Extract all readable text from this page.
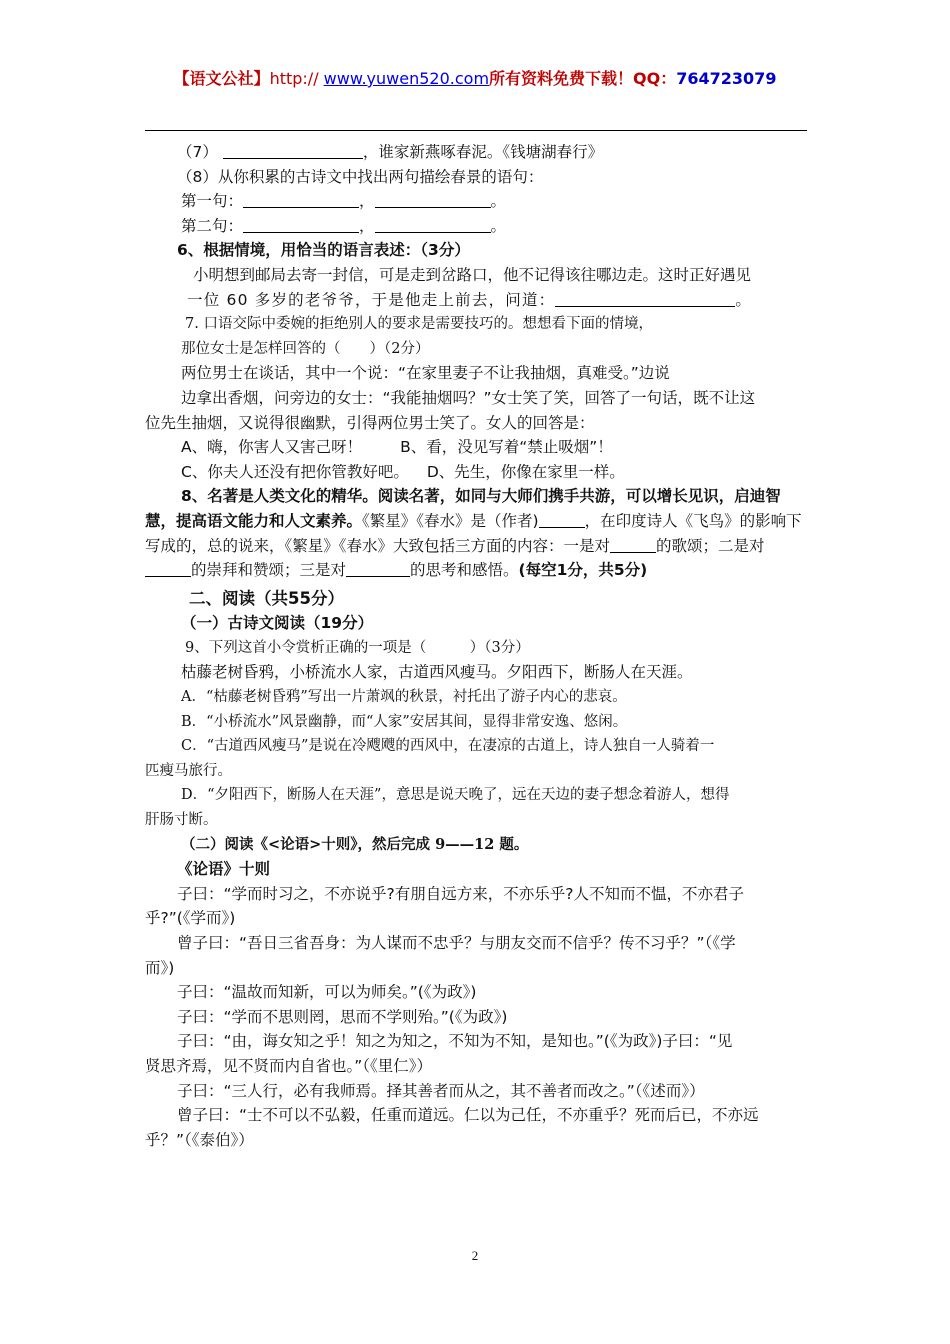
【语文公社】http:// www.yuwen520.com所有资料免费下载！QQ：764723079

（7）	，谁家新燕啄春泥。《钱塘湖春行》

（8）从你积累的古诗文中找出两句描绘春景的语句：

第一句：	，	。

第二句：	，	。

6、根据情境，用恰当的语言表述：（3分）

小明想到邮局去寄一封信，可是走到岔路口，他不记得该往哪边走。这时正好遇见

一位 60 多岁的老爷爷，于是他走上前去，问道：	。

7. 口语交际中委婉的拒绝别人的要求是需要技巧的。想想看下面的情境，

那位女士是怎样回答的（　　）（2分）

两位男士在谈话，其中一个说：“在家里妻子不让我抽烟，真难受。”边说

边拿出香烟，问旁边的女士：“我能抽烟吗？”女士笑了笑，回答了一句话，既不让这

位先生抽烟，又说得很幽默，引得两位男士笑了。女人的回答是：

A、嗨，你害人又害己呀！ B、看，没见写着“禁止吸烟”！

C、你夫人还没有把你管教好吧。 D、先生，你像在家里一样。

8、名著是人类文化的精华。阅读名著，如同与大师们携手共游，可以增长见识，启迪智慧，提高语文能力和人文素养。《繁星》《春水》是（作者)	，在印度诗人《飞鸟》的影响下写成的，总的说来，《繁星》《春水》大致包括三方面的内容：一是对	的歌颂；二是对的崇拜和赞颂；三是对	的思考和感悟。(每空1分，共5分)

二、阅读（共55分）

（一）古诗文阅读（19分）

9、下列这首小令赏析正确的一项是（　　　）（3分）

枯藤老树昏鸦，小桥流水人家，古道西风瘦马。夕阳西下，断肠人在天涯。

A．“枯藤老树昏鸦”写出一片萧飒的秋景，衬托出了游子内心的悲哀。

B．“小桥流水”风景幽静，而“人家”安居其间，显得非常安逸、悠闲。

C．“古道西风瘦马”是说在冷飕飕的西风中，在凄凉的古道上，诗人独自一人骑着一

匹瘦马旅行。

D．“夕阳西下，断肠人在天涯”，意思是说天晚了，远在天边的妻子想念着游人，想得

肝肠寸断。

（二）阅读《<论语>十则》，然后完成 9——12 题。

《论语》十则

子曰：“学而时习之，不亦说乎?有朋自远方来，不亦乐乎?人不知而不愠，不亦君子

乎?”(《学而》)

曾子曰：“吾日三省吾身：为人谋而不忠乎？与朋友交而不信乎？传不习乎？”（《学

而》)

子曰：“温故而知新，可以为师矣。”(《为政》)

子曰：“学而不思则罔，思而不学则殆。”(《为政》)

子曰：“由，诲女知之乎！知之为知之，不知为不知，是知也。”(《为政》)子曰：“见

贤思齐焉，见不贤而内自省也。”（《里仁》）

子曰：“三人行，必有我师焉。择其善者而从之，其不善者而改之。”（《述而》）

曾子曰：“士不可以不弘毅，任重而道远。仁以为己任，不亦重乎？死而后已，不亦远

乎？”（《泰伯》）

2
